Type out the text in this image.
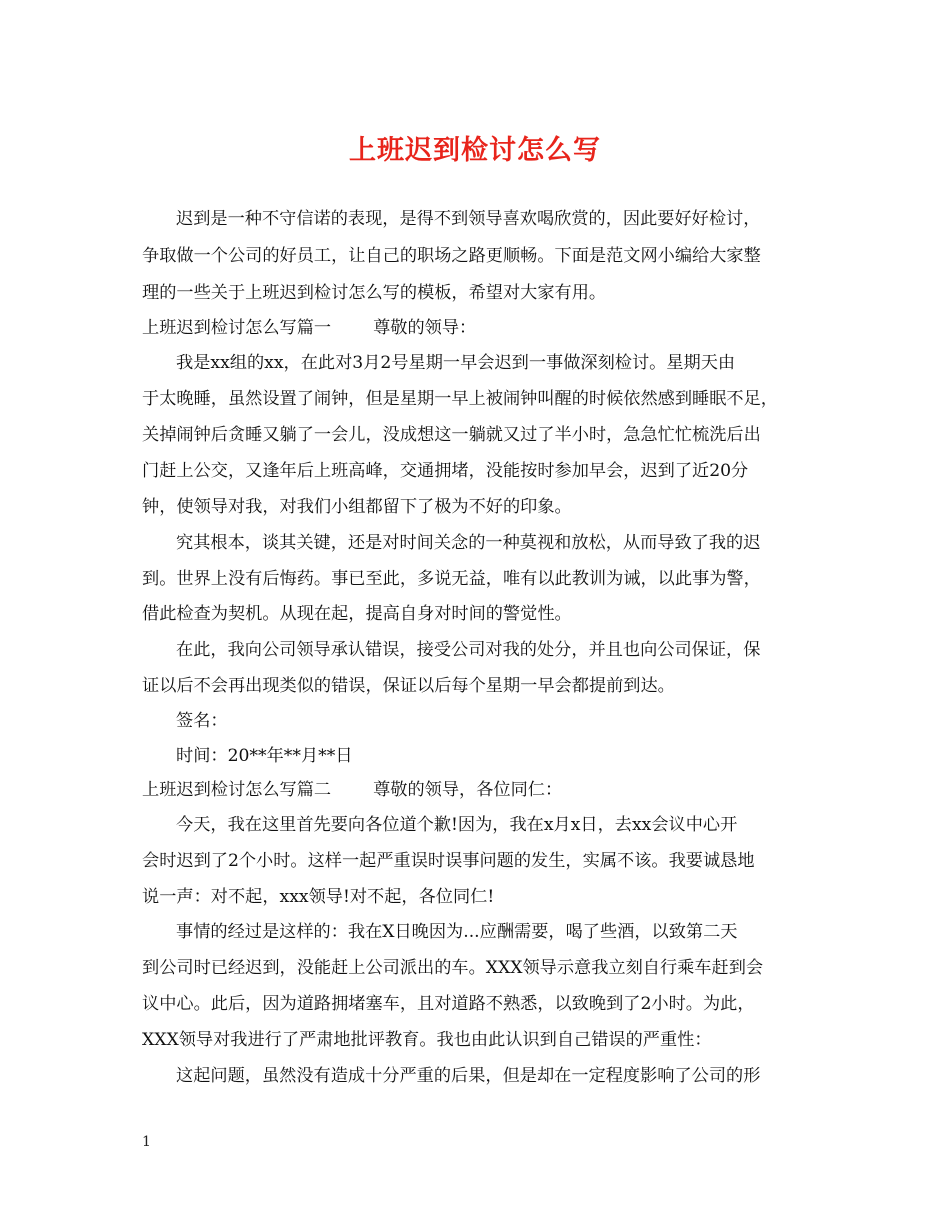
上班迟到检讨怎么写
迟到是一种不守信诺的表现，是得不到领导喜欢喝欣赏的，因此要好好检讨，
争取做一个公司的好员工，让自己的职场之路更顺畅。下面是范文网小编给大家整
理的一些关于上班迟到检讨怎么写的模板，希望对大家有用。
上班迟到检讨怎么写篇一 尊敬的领导：
我是xx组的xx，在此对3月2号星期一早会迟到一事做深刻检讨。星期天由
于太晚睡，虽然设置了闹钟，但是星期一早上被闹钟叫醒的时候依然感到睡眠不足，
关掉闹钟后贪睡又躺了一会儿，没成想这一躺就又过了半小时，急急忙忙梳洗后出
门赶上公交，又逢年后上班高峰，交通拥堵，没能按时参加早会，迟到了近20分
钟，使领导对我，对我们小组都留下了极为不好的印象。
究其根本，谈其关键，还是对时间关念的一种莫视和放松，从而导致了我的迟
到。世界上没有后悔药。事已至此，多说无益，唯有以此教训为诫，以此事为警，
借此检查为契机。从现在起，提高自身对时间的警觉性。
在此，我向公司领导承认错误，接受公司对我的处分，并且也向公司保证，保
证以后不会再出现类似的错误，保证以后每个星期一早会都提前到达。
签名：
时间：20**年**月**日
上班迟到检讨怎么写篇二 尊敬的领导，各位同仁：
今天，我在这里首先要向各位道个歉!因为，我在x月x日，去xx会议中心开
会时迟到了2个小时。这样一起严重误时误事问题的发生，实属不该。我要诚恳地
说一声：对不起，xxx领导!对不起，各位同仁!
事情的经过是这样的：我在X日晚因为...应酬需要，喝了些酒，以致第二天
到公司时已经迟到，没能赶上公司派出的车。XXX领导示意我立刻自行乘车赶到会
议中心。此后，因为道路拥堵塞车，且对道路不熟悉，以致晚到了2小时。为此，
XXX领导对我进行了严肃地批评教育。我也由此认识到自己错误的严重性：
这起问题，虽然没有造成十分严重的后果，但是却在一定程度影响了公司的形
1
